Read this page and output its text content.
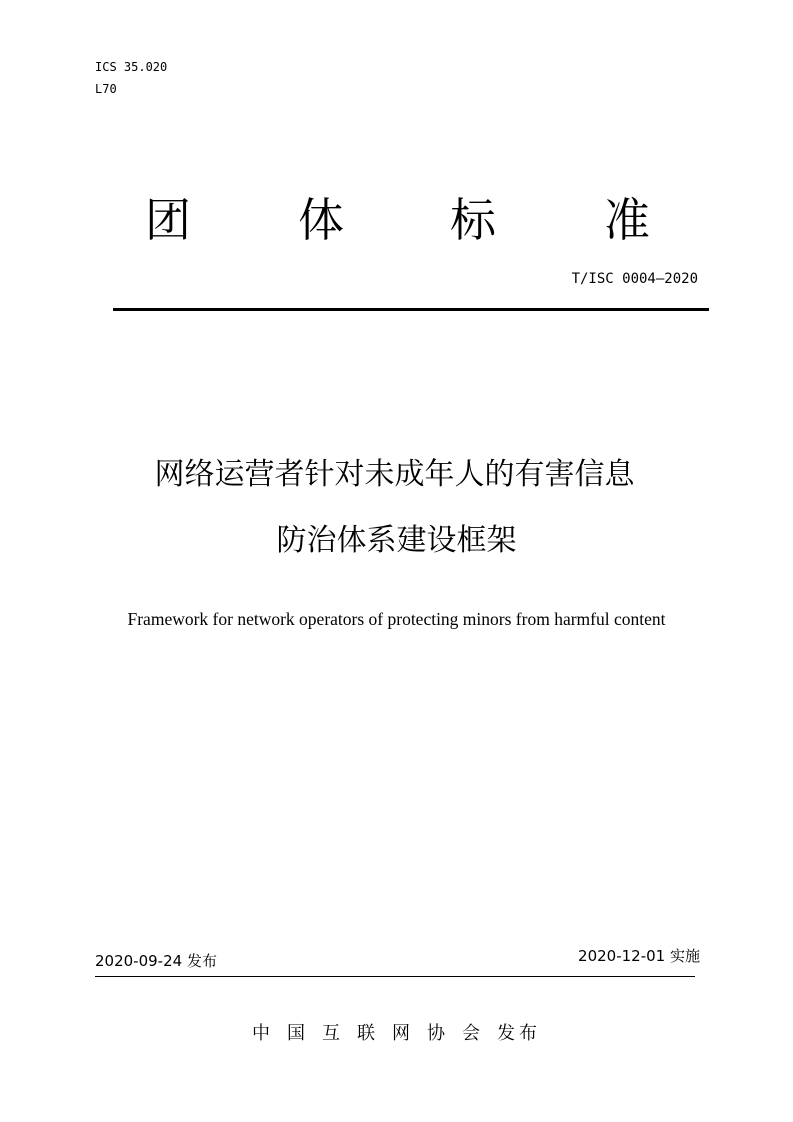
ICS 35.020
L70
团 体 标 准
T/ISC 0004—2020
网络运营者针对未成年人的有害信息
防治体系建设框架
Framework for network operators of protecting minors from harmful content
2020-09-24 发布	2020-12-01 实施
中国互联网协会发布
